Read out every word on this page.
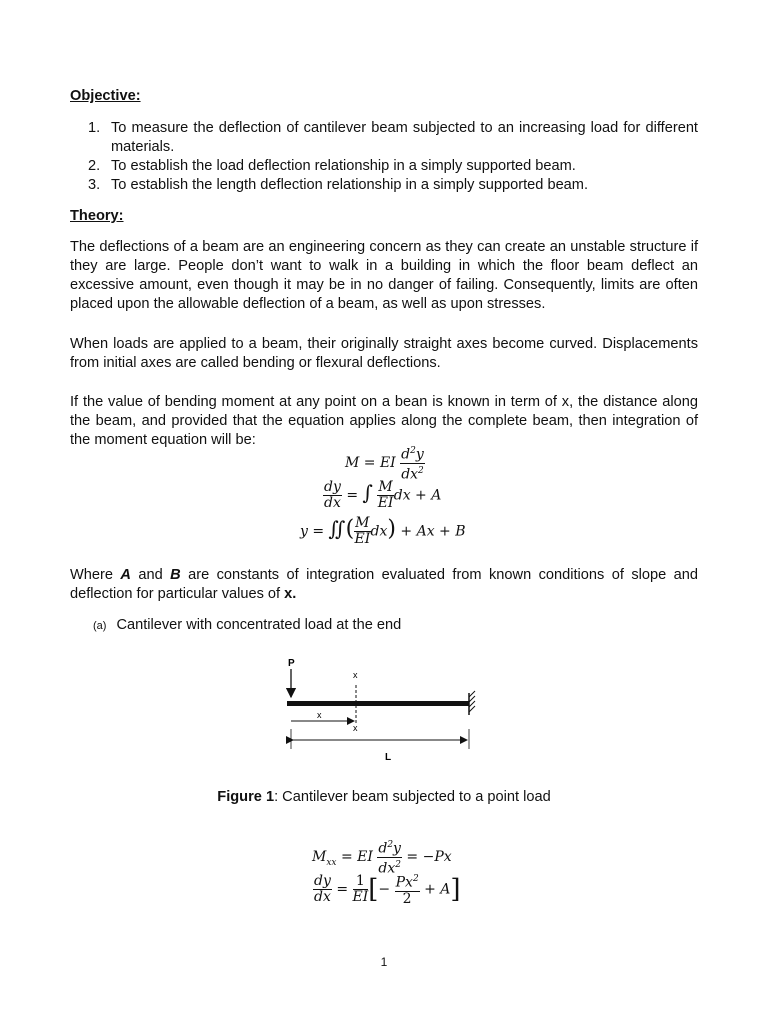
Objective:
1. To measure the deflection of cantilever beam subjected to an increasing load for different materials.
2. To establish the load deflection relationship in a simply supported beam.
3. To establish the length deflection relationship in a simply supported beam.
Theory:
The deflections of a beam are an engineering concern as they can create an unstable structure if they are large. People don’t want to walk in a building in which the floor beam deflect an excessive amount, even though it may be in no danger of failing. Consequently, limits are often placed upon the allowable deflection of a beam, as well as upon stresses.
When loads are applied to a beam, their originally straight axes become curved. Displacements from initial axes are called bending or flexural deflections.
If the value of bending moment at any point on a bean is known in term of x, the distance along the beam, and provided that the equation applies along the complete beam, then integration of the moment equation will be:
M = EI $\frac{d^2y}{dx^2}$
$\frac{dy}{dx}$ = ∫ $\frac{M}{EI}$ dx + A
y = ∬( $\frac{M}{EI} dx) + Ax + B$
Where A and B are constants of integration evaluated from known conditions of slope and deflection for particular values of x.
(a) Cantilever with concentrated load at the end
P
x
x
x
L
Figure 1: Cantilever beam subjected to a point load
$M_{xx}$ = EI $\frac{d^2y}{dx^2} = -Px$
$\frac{dy}{dx} = \frac{1}{EI}$ [− $\frac{Px^2}{2} + A$]
1
